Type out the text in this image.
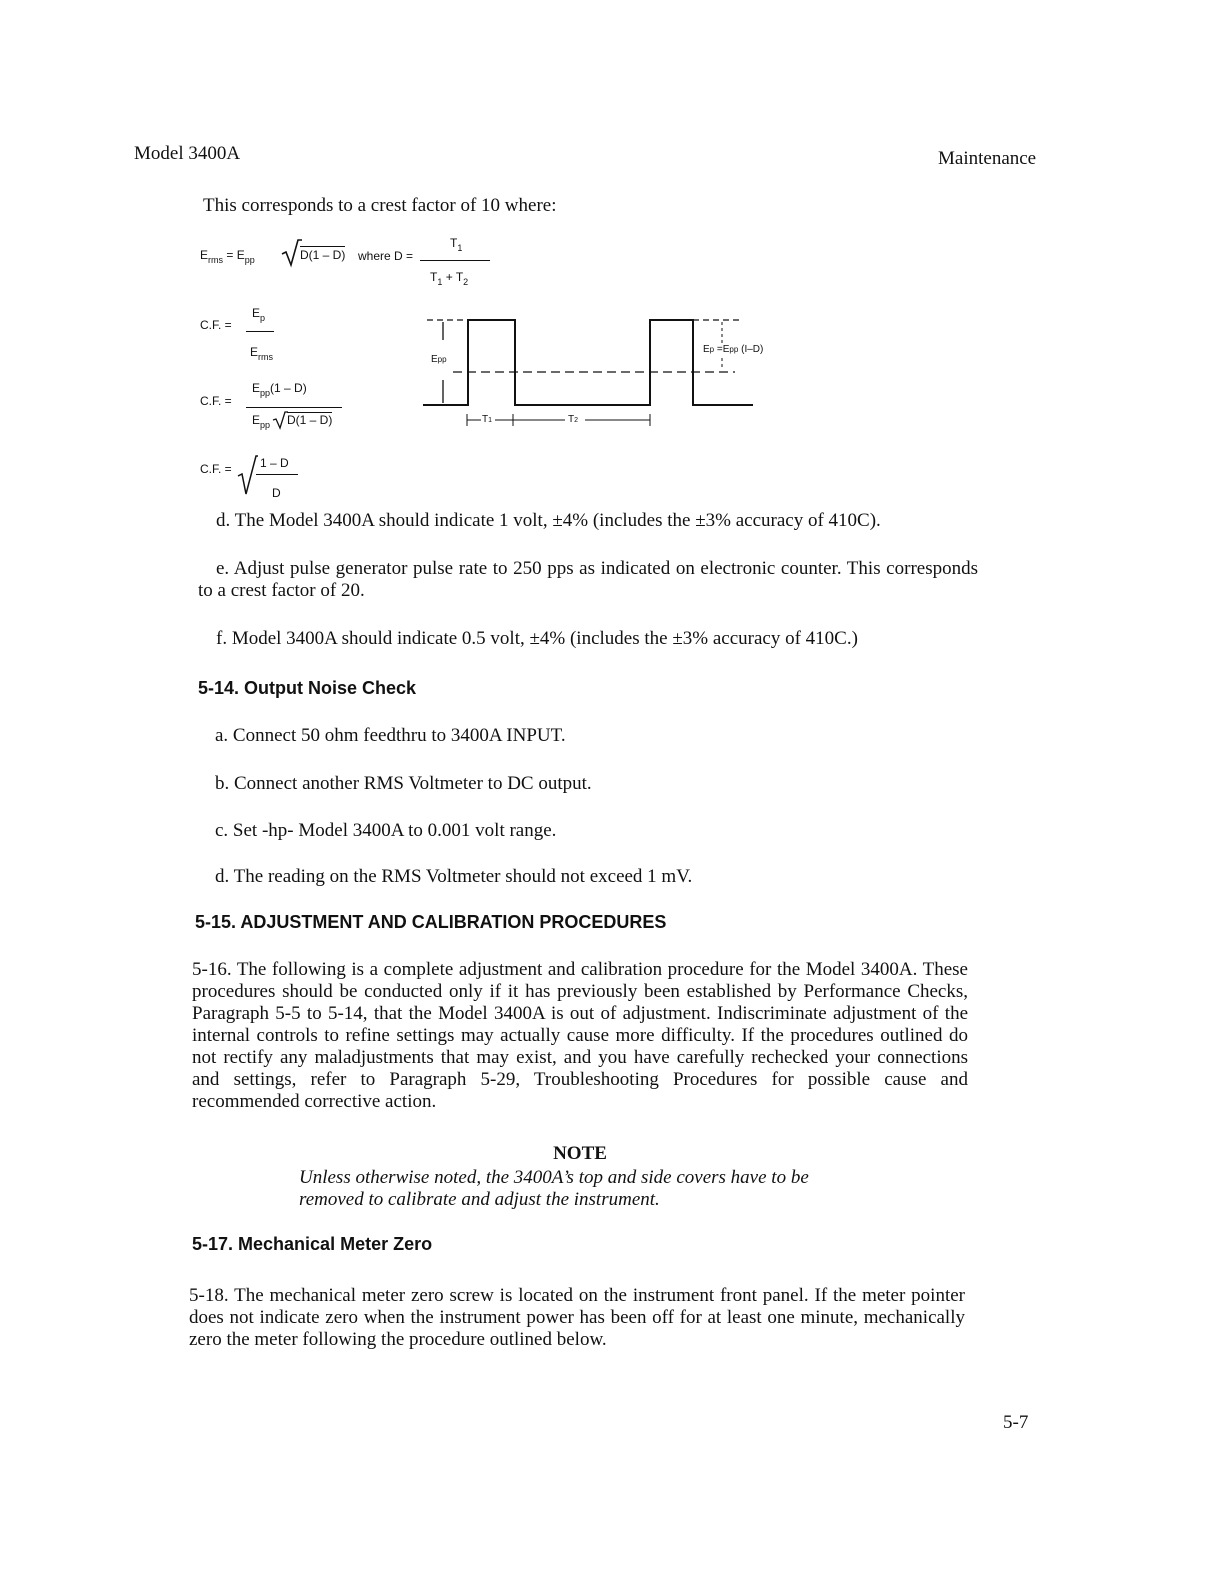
Model 3400A	Maintenance
This corresponds to a crest factor of 10 where:
$E_{rms} = E_{pp}$	D(1 – D) where D =
$T_1$
$T_1 + T_2$
C.F. =
$E_p$
$E_{rms}$
C.F. =
$E_{pp}(1 - D)$
$E_{pp}$ D(1 – D)
C.F. = 1 – D
D
Epp
Ep =Epp (I–D)
T1	T2
d. The Model 3400A should indicate 1 volt, ±4% (includes the ±3% accuracy of 410C).
e. Adjust pulse generator pulse rate to 250 pps as indicated on electronic counter. This corresponds to a crest factor of 20.
f. Model 3400A should indicate 0.5 volt, ±4% (includes the ±3% accuracy of 410C.)
5-14. Output Noise Check
a. Connect 50 ohm feedthru to 3400A INPUT.
b. Connect another RMS Voltmeter to DC output.
c. Set -hp- Model 3400A to 0.001 volt range.
d. The reading on the RMS Voltmeter should not exceed 1 mV.
5-15. ADJUSTMENT AND CALIBRATION PROCEDURES
5-16. The following is a complete adjustment and calibration procedure for the Model 3400A. These procedures should be conducted only if it has previously been established by Performance Checks, Paragraph 5-5 to 5-14, that the Model 3400A is out of adjustment. Indiscriminate adjustment of the internal controls to refine settings may actually cause more difficulty. If the procedures outlined do not rectify any maladjustments that may exist, and you have carefully rechecked your connections and settings, refer to Paragraph 5-29, Troubleshooting Procedures for possible cause and recommended corrective action.
NOTE
Unless otherwise noted, the 3400A’s top and side covers have to be removed to calibrate and adjust the instrument.
5-17. Mechanical Meter Zero
5-18. The mechanical meter zero screw is located on the instrument front panel. If the meter pointer does not indicate zero when the instrument power has been off for at least one minute, mechanically zero the meter following the procedure outlined below.
5-7
